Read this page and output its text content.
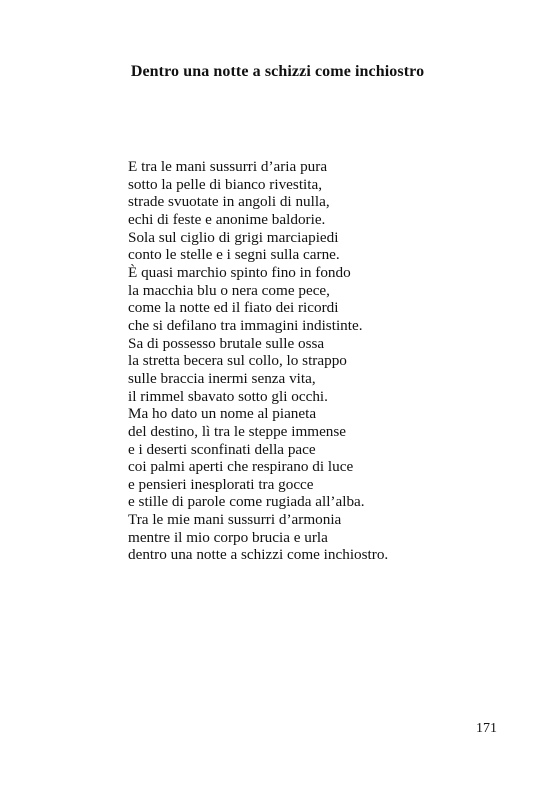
Dentro una notte a schizzi come inchiostro
E tra le mani sussurri d’aria pura
sotto la pelle di bianco rivestita,
strade svuotate in angoli di nulla,
echi di feste e anonime baldorie.
Sola sul ciglio di grigi marciapiedi
conto le stelle e i segni sulla carne.
È quasi marchio spinto fino in fondo
la macchia blu o nera come pece,
come la notte ed il fiato dei ricordi
che si defilano tra immagini indistinte.
Sa di possesso brutale sulle ossa
la stretta becera sul collo, lo strappo
sulle braccia inermi senza vita,
il rimmel sbavato sotto gli occhi.
Ma ho dato un nome al pianeta
del destino, lì tra le steppe immense
e i deserti sconfinati della pace
coi palmi aperti che respirano di luce
e pensieri inesplorati tra gocce
e stille di parole come rugiada all’alba.
Tra le mie mani sussurri d’armonia
mentre il mio corpo brucia e urla
dentro una notte a schizzi come inchiostro.
171
